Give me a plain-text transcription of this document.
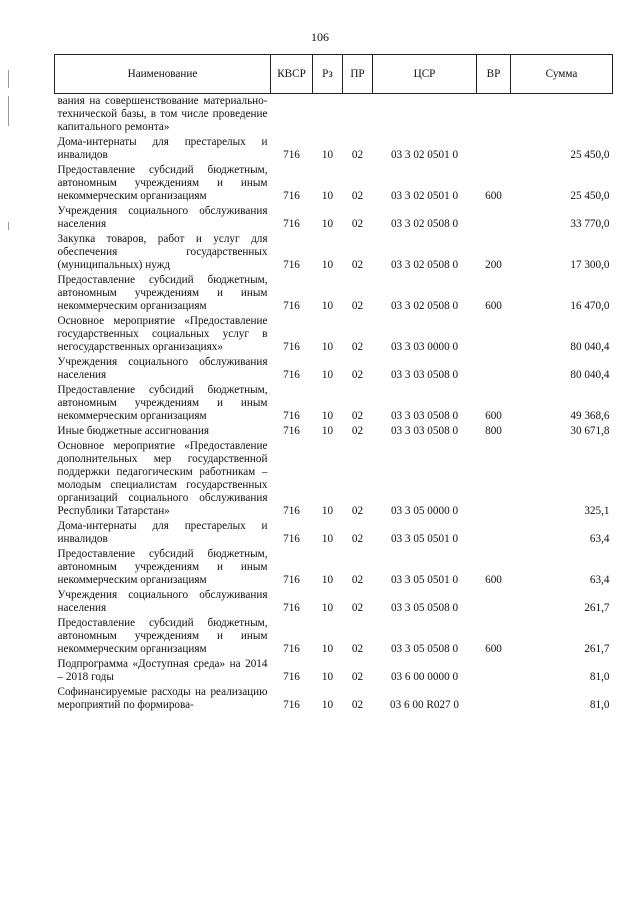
106
Наименование	КВСР	Рз	ПР	ЦСР	ВР	Сумма
вания на совершенствование материально-технической базы, в том числе проведение капитального ремонта»						
Дома-интернаты для престарелых и инвалидов	716	10	02	03 3 02 0501 0		25 450,0
Предоставление субсидий бюджетным, автономным учреждениям и иным некоммерческим организациям	716	10	02	03 3 02 0501 0	600	25 450,0
Учреждения социального обслуживания населения	716	10	02	03 3 02 0508 0		33 770,0
Закупка товаров, работ и услуг для обеспечения государственных (муниципальных) нужд	716	10	02	03 3 02 0508 0	200	17 300,0
Предоставление субсидий бюджетным, автономным учреждениям и иным некоммерческим организациям	716	10	02	03 3 02 0508 0	600	16 470,0
Основное мероприятие «Предоставление государственных социальных услуг в негосударственных организациях»	716	10	02	03 3 03 0000 0		80 040,4
Учреждения социального обслуживания населения	716	10	02	03 3 03 0508 0		80 040,4
Предоставление субсидий бюджетным, автономным учреждениям и иным некоммерческим организациям	716	10	02	03 3 03 0508 0	600	49 368,6
Иные бюджетные ассигнования	716	10	02	03 3 03 0508 0	800	30 671,8
Основное мероприятие «Предоставление дополнительных мер государственной поддержки педагогическим работникам – молодым специалистам государственных организаций социального обслуживания Республики Татарстан»	716	10	02	03 3 05 0000 0		325,1
Дома-интернаты для престарелых и инвалидов	716	10	02	03 3 05 0501 0		63,4
Предоставление субсидий бюджетным, автономным учреждениям и иным некоммерческим организациям	716	10	02	03 3 05 0501 0	600	63,4
Учреждения социального обслуживания населения	716	10	02	03 3 05 0508 0		261,7
Предоставление субсидий бюджетным, автономным учреждениям и иным некоммерческим организациям	716	10	02	03 3 05 0508 0	600	261,7
Подпрограмма «Доступная среда» на 2014 – 2018 годы	716	10	02	03 6 00 0000 0		81,0
Софинансируемые расходы на реализацию мероприятий по формирова-	716	10	02	03 6 00 R027 0		81,0
